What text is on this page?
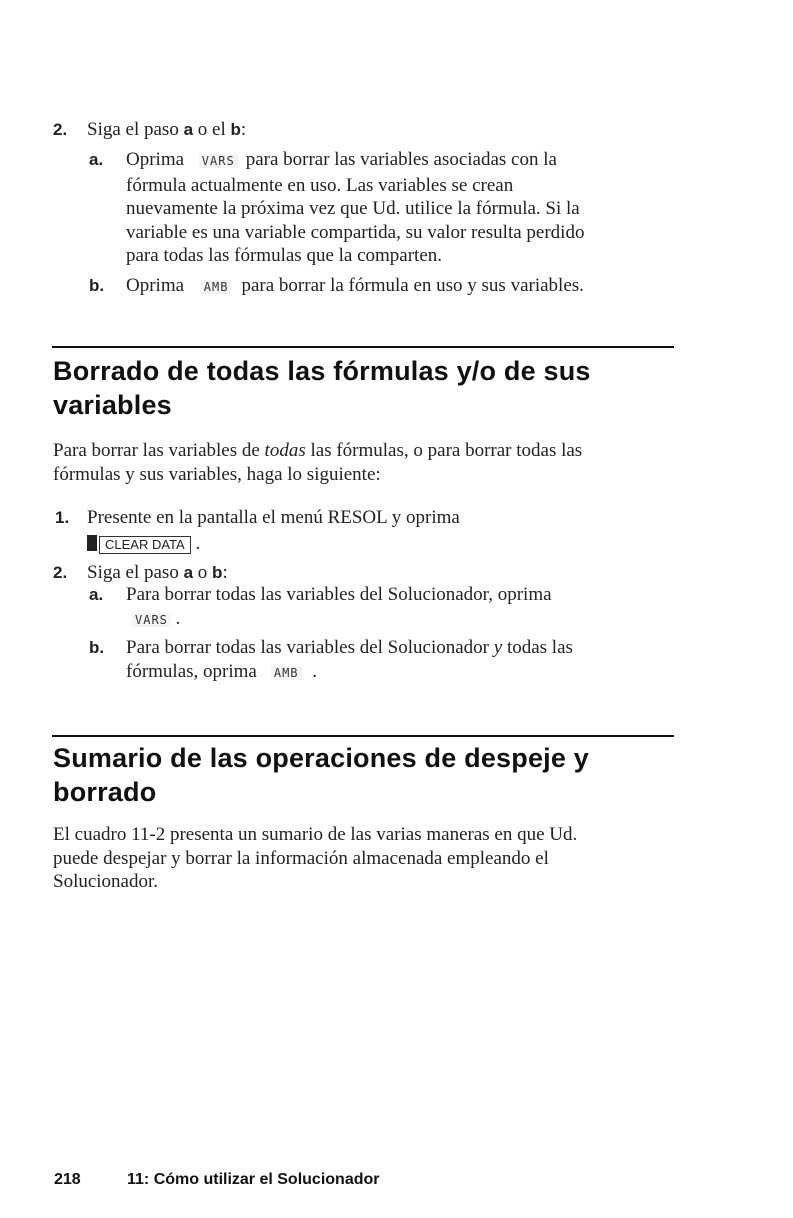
2. Siga el paso a o el b:
a. Oprima VARS para borrar las variables asociadas con la
fórmula actualmente en uso. Las variables se crean
nuevamente la próxima vez que Ud. utilice la fórmula. Si la
variable es una variable compartida, su valor resulta perdido
para todas las fórmulas que la comparten.
b. Oprima AMB para borrar la fórmula en uso y sus variables.
Borrado de todas las fórmulas y/o de sus
variables
Para borrar las variables de todas las fórmulas, o para borrar todas las
fórmulas y sus variables, haga lo siguiente:
1. Presente en la pantalla el menú RESOL y oprima
CLEAR DATA .
2. Siga el paso a o b:
a. Para borrar todas las variables del Solucionador, oprima
VARS .
b. Para borrar todas las variables del Solucionador y todas las
fórmulas, oprima AMB .
Sumario de las operaciones de despeje y
borrado
El cuadro 11-2 presenta un sumario de las varias maneras en que Ud.
puede despejar y borrar la información almacenada empleando el
Solucionador.
218	11: Cómo utilizar el Solucionador
